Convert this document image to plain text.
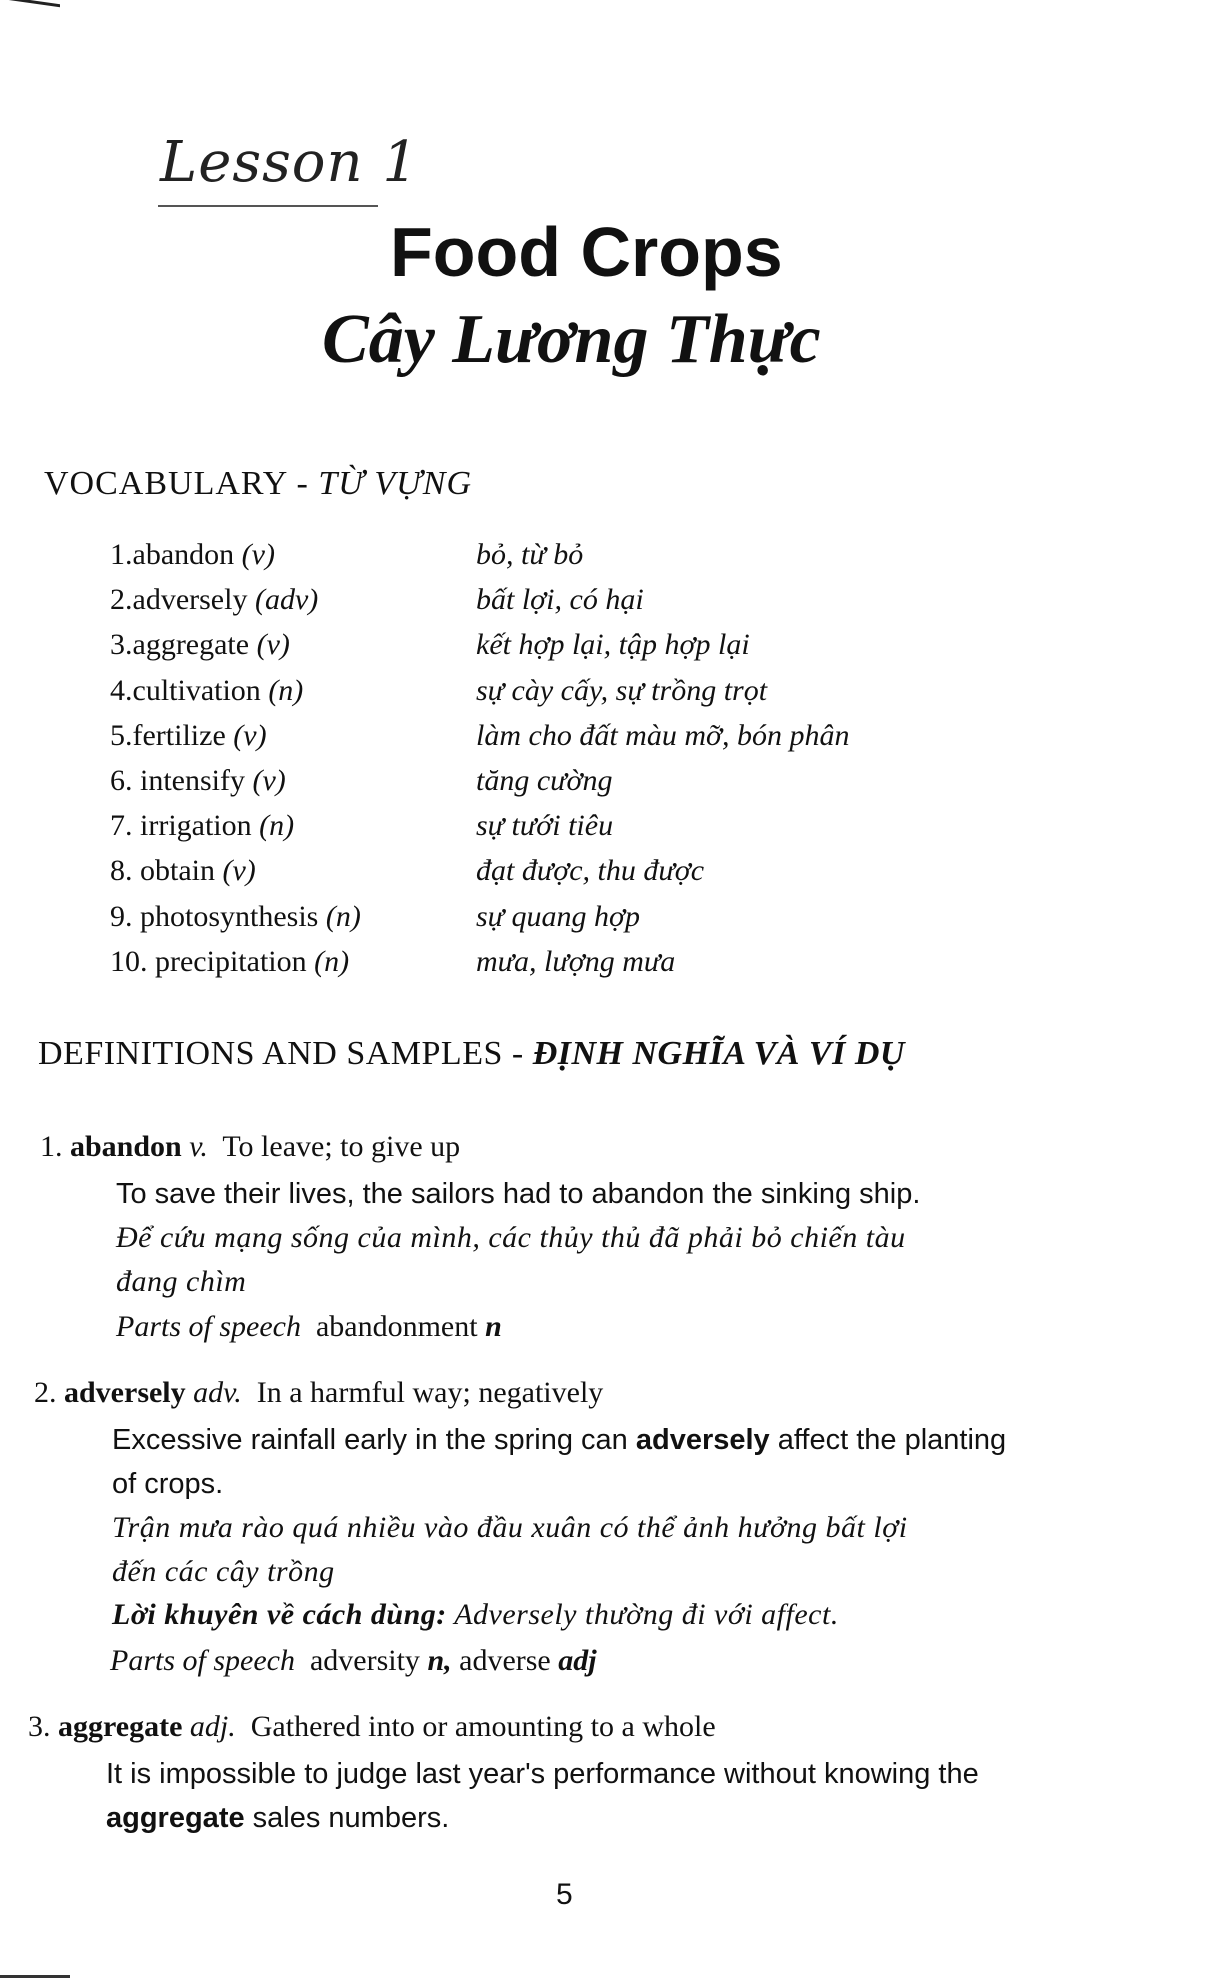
Lesson 1
Food Crops
Cây Lương Thực
VOCABULARY - TỪ VỰNG
1.abandon (v)	bỏ, từ bỏ
2.adversely (adv)	bất lợi, có hại
3.aggregate (v)	kết hợp lại, tập hợp lại
4.cultivation (n)	sự cày cấy, sự trồng trọt
5.fertilize (v)	làm cho đất màu mỡ, bón phân
6. intensify (v)	tăng cường
7. irrigation (n)	sự tưới tiêu
8. obtain (v)	đạt được, thu được
9. photosynthesis (n)	sự quang hợp
10. precipitation (n)	mưa, lượng mưa
DEFINITIONS AND SAMPLES - ĐỊNH NGHĨA VÀ VÍ DỤ
1. abandon v. To leave; to give up
To save their lives, the sailors had to abandon the sinking ship.
Để cứu mạng sống của mình, các thủy thủ đã phải bỏ chiến tàu
đang chìm
Parts of speech abandonment n
2. adversely adv. In a harmful way; negatively
Excessive rainfall early in the spring can adversely affect the planting
of crops.
Trận mưa rào quá nhiều vào đầu xuân có thể ảnh hưởng bất lợi
đến các cây trồng
Lời khuyên về cách dùng: Adversely thường đi với affect.
Parts of speech adversity n, adverse adj
3. aggregate adj. Gathered into or amounting to a whole
It is impossible to judge last year's performance without knowing the
aggregate sales numbers.
5
